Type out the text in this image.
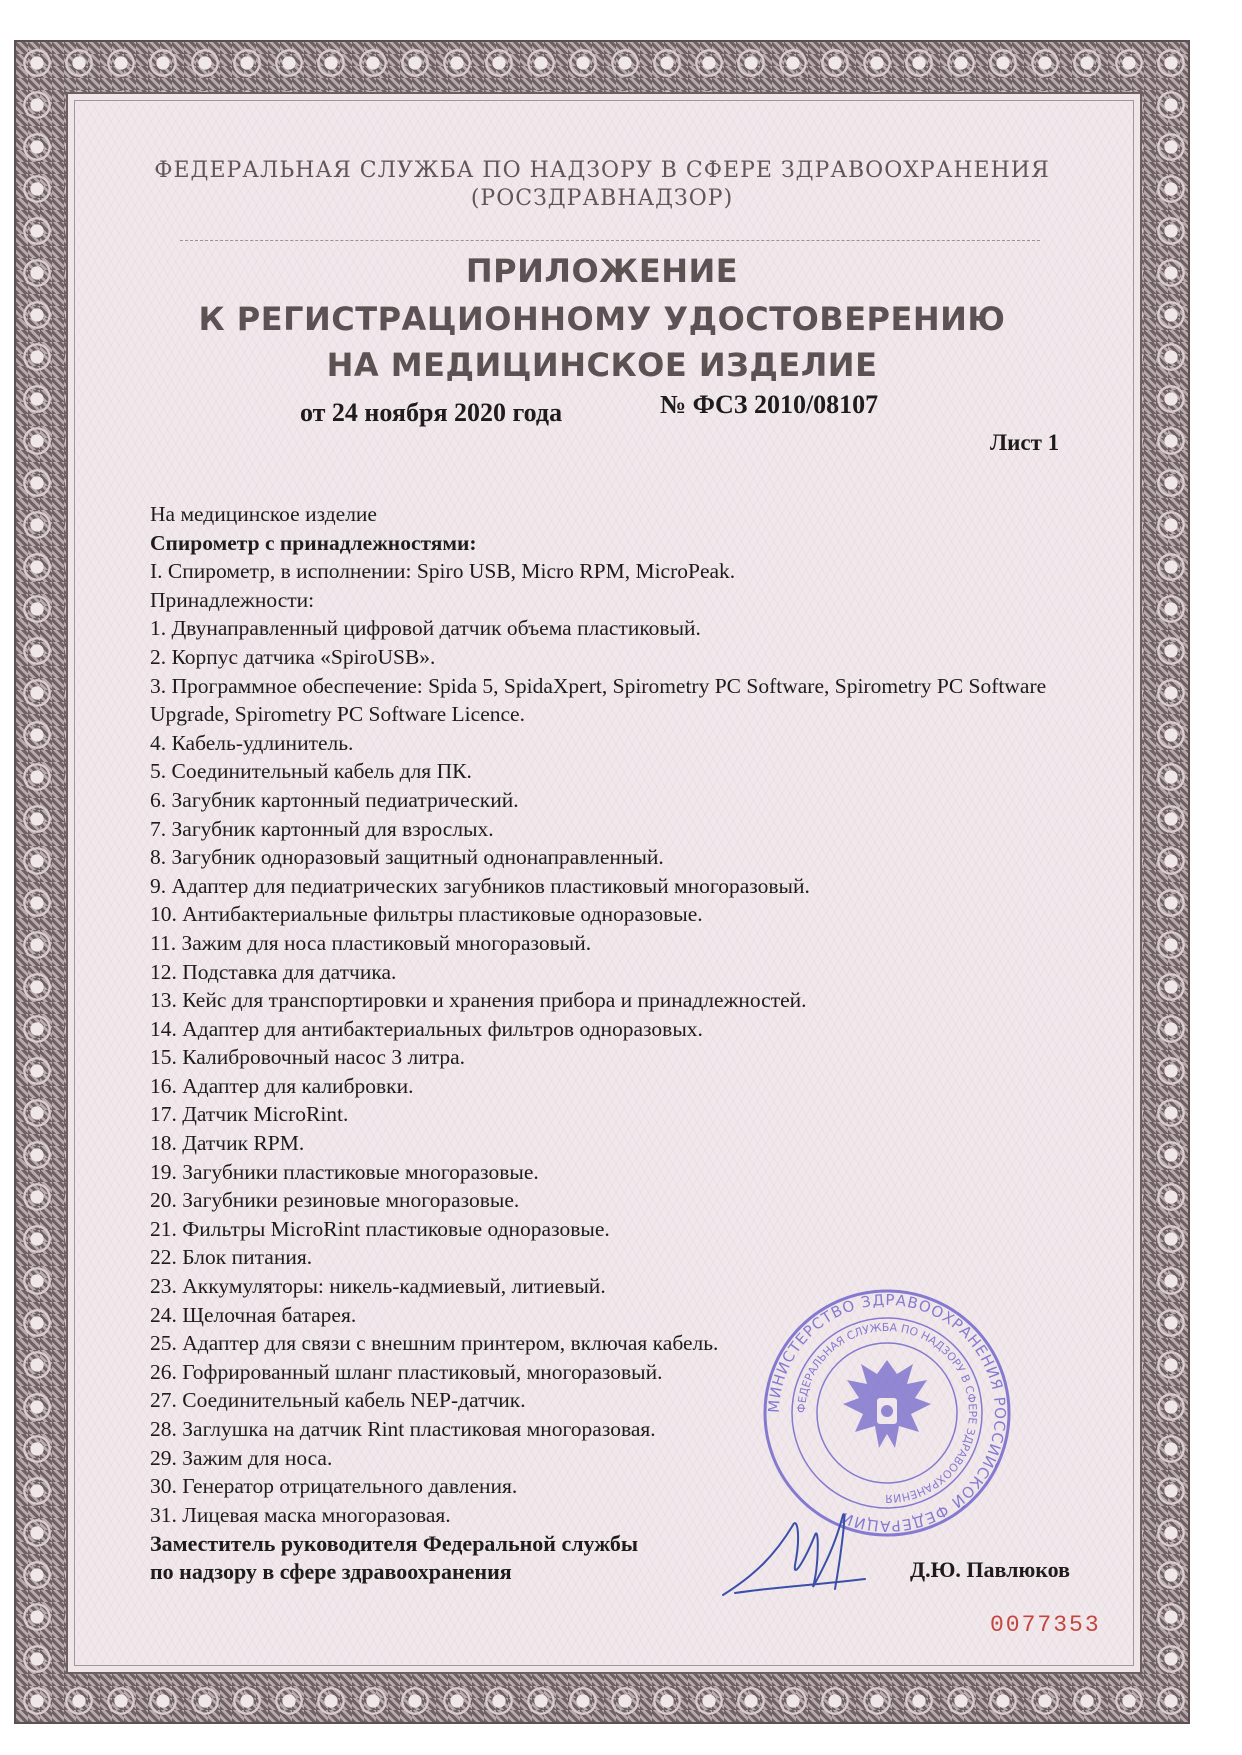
ФЕДЕРАЛЬНАЯ СЛУЖБА ПО НАДЗОРУ В СФЕРЕ ЗДРАВООХРАНЕНИЯ
(РОСЗДРАВНАДЗОР)
ПРИЛОЖЕНИЕ
К РЕГИСТРАЦИОННОМУ УДОСТОВЕРЕНИЮ
НА МЕДИЦИНСКОЕ ИЗДЕЛИЕ
от 24 ноября 2020 года	№ ФСЗ 2010/08107
Лист 1
На медицинское изделие
Спирометр с принадлежностями:
I. Спирометр, в исполнении: Spiro USB, Micro RPM, MicroPeak.
Принадлежности:
1. Двунаправленный цифровой датчик объема пластиковый.
2. Корпус датчика «SpiroUSB».
3. Программное обеспечение: Spida 5, SpidaXpert, Spirometry PC Software, Spirometry PC Software Upgrade, Spirometry PC Software Licence.
4. Кабель-удлинитель.
5. Соединительный кабель для ПК.
6. Загубник картонный педиатрический.
7. Загубник картонный для взрослых.
8. Загубник одноразовый защитный однонаправленный.
9. Адаптер для педиатрических загубников пластиковый многоразовый.
10. Антибактериальные фильтры пластиковые одноразовые.
11. Зажим для носа пластиковый многоразовый.
12. Подставка для датчика.
13. Кейс для транспортировки и хранения прибора и принадлежностей.
14. Адаптер для антибактериальных фильтров одноразовых.
15. Калибровочный насос 3 литра.
16. Адаптер для калибровки.
17. Датчик MicroRint.
18. Датчик RPM.
19. Загубники пластиковые многоразовые.
20. Загубники резиновые многоразовые.
21. Фильтры MicroRint пластиковые одноразовые.
22. Блок питания.
23. Аккумуляторы: никель-кадмиевый, литиевый.
24. Щелочная батарея.
25. Адаптер для связи с внешним принтером, включая кабель.
26. Гофрированный шланг пластиковый, многоразовый.
27. Соединительный кабель NEP-датчик.
28. Заглушка на датчик Rint пластиковая многоразовая.
29. Зажим для носа.
30. Генератор отрицательного давления.
31. Лицевая маска многоразовая.
Заместитель руководителя Федеральной службы
по надзору в сфере здравоохранения	Д.Ю. Павлюков
МИНИСТЕРСТВО ЗДРАВООХРАНЕНИЯ РОССИЙСКОЙ ФЕДЕРАЦИИ
ФЕДЕРАЛЬНАЯ СЛУЖБА ПО НАДЗОРУ В СФЕРЕ ЗДРАВООХРАНЕНИЯ
0077353
